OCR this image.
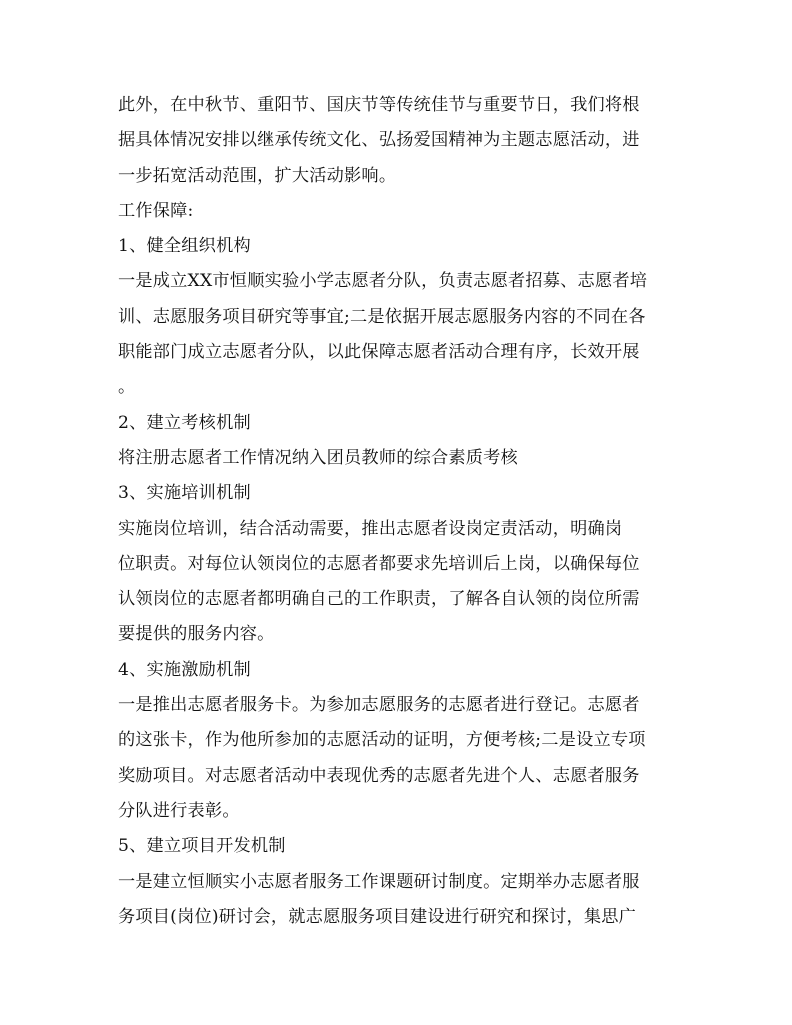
此外，在中秋节、重阳节、国庆节等传统佳节与重要节日，我们将根
据具体情况安排以继承传统文化、弘扬爱国精神为主题志愿活动，进
一步拓宽活动范围，扩大活动影响。
工作保障:
1、健全组织机构
一是成立XX市恒顺实验小学志愿者分队，负责志愿者招募、志愿者培
训、志愿服务项目研究等事宜;二是依据开展志愿服务内容的不同在各
职能部门成立志愿者分队，以此保障志愿者活动合理有序，长效开展
。
2、建立考核机制
将注册志愿者工作情况纳入团员教师的综合素质考核
3、实施培训机制
实施岗位培训，结合活动需要，推出志愿者设岗定责活动，明确岗
位职责。对每位认领岗位的志愿者都要求先培训后上岗，以确保每位
认领岗位的志愿者都明确自己的工作职责，了解各自认领的岗位所需
要提供的服务内容。
4、实施激励机制
一是推出志愿者服务卡。为参加志愿服务的志愿者进行登记。志愿者
的这张卡，作为他所参加的志愿活动的证明，方便考核;二是设立专项
奖励项目。对志愿者活动中表现优秀的志愿者先进个人、志愿者服务
分队进行表彰。
5、建立项目开发机制
一是建立恒顺实小志愿者服务工作课题研讨制度。定期举办志愿者服
务项目(岗位)研讨会，就志愿服务项目建设进行研究和探讨，集思广
